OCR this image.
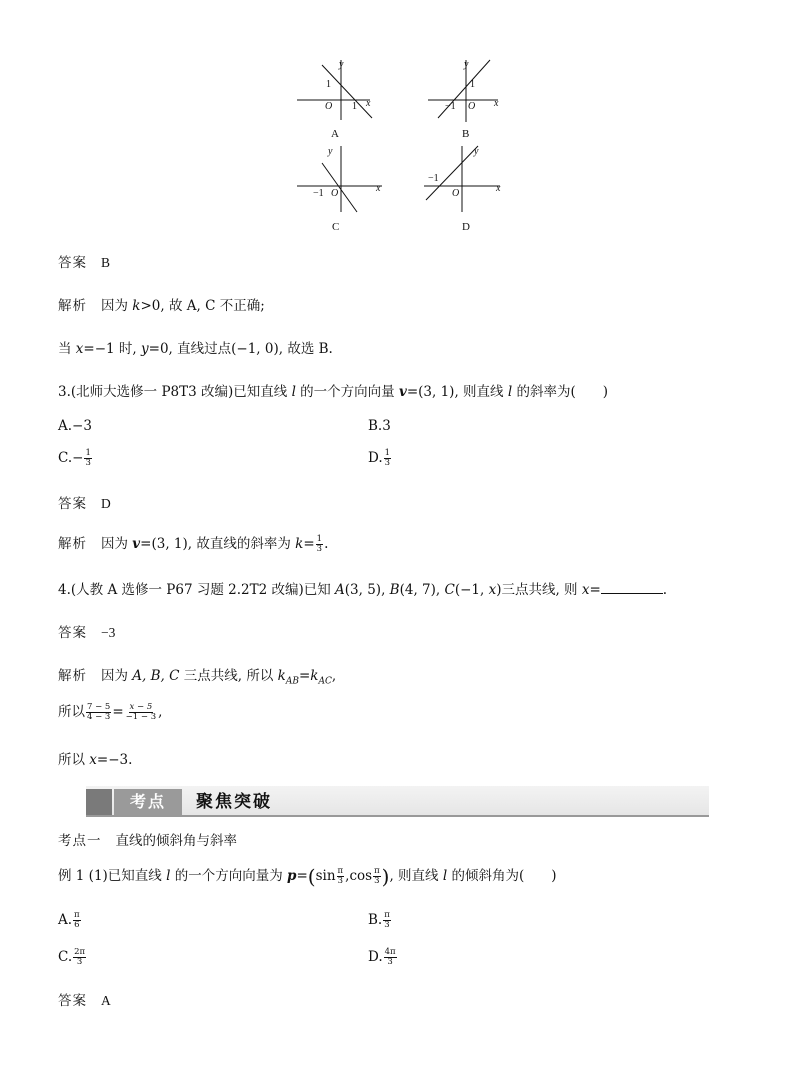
y
x
O
1
1
A
y
x
O
1
−1
B
y
x
O
−1
C
y
x
O
−1
D
答案 B
解析 因为 k>0, 故 A, C 不正确;
当 x=−1 时, y=0, 直线过点(−1, 0), 故选 B.
3.(北师大选修一 P8T3 改编)已知直线 l 的一个方向向量 v=(3, 1), 则直线 l 的斜率为(　　)
A.−3	B.3
$C.- \frac{1}{3}$	D. $\frac{1}{3}$
答案 D
解析 因为 v=(3, 1), 故直线的斜率为 $k= \frac{1}{3}$ .
4.(人教 A 选修一 P67 习题 2.2T2 改编)已知 A(3, 5), B(4, 7), C(−1, x)三点共线, 则 x=	.
答案 −3
解析 因为 A, B, C 三点共线, 所以 $k_{AB}=k_{AC}$,
所以 $\frac{7 - 5}{4 - 3} = \frac{x - 5}{-1 - 3}$ ,
所以 x=−3.
考点	聚焦突破
考点一 直线的倾斜角与斜率
例 1 (1)已知直线 l 的一个方向向量为 $p=(\sin \frac{\pi}{3} ,\cos \frac{\pi}{3}$ ), 则直线 l 的倾斜角为(　　)
A. $\frac{\pi}{6}$	B. $\frac{\pi}{3}$
C. $\frac{2\pi}{3}$	D. $\frac{4\pi}{3}$
答案 A
